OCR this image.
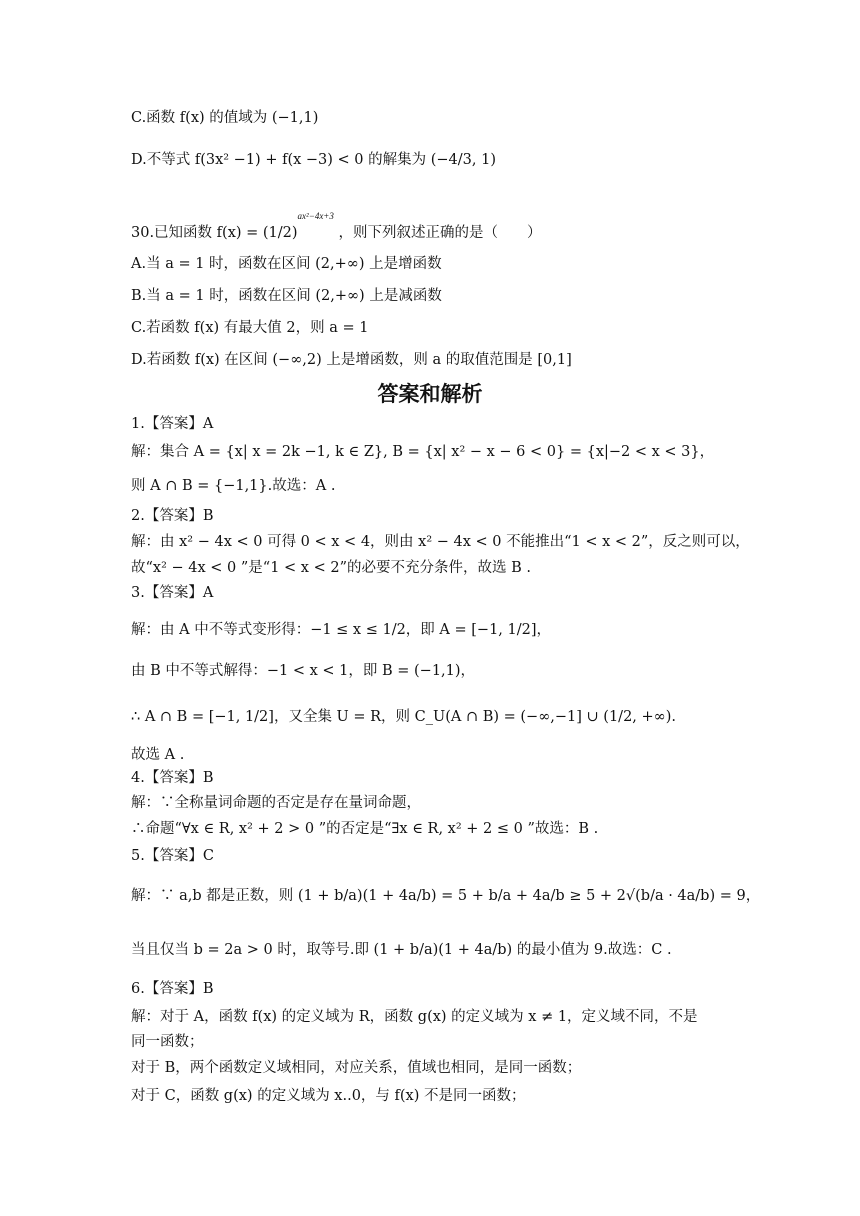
C.函数 f(x) 的值域为 (−1,1)
D.不等式 f(3x² −1) + f(x −3) < 0 的解集为 (−4/3, 1)
30.已知函数 $f(x) = (1/2)^{ax^2-4x+3}$ ，则下列叙述正确的是（　　）
A.当 a = 1 时，函数在区间 (2,+∞) 上是增函数
B.当 a = 1 时，函数在区间 (2,+∞) 上是减函数
C.若函数 f(x) 有最大值 2，则 a = 1
D.若函数 f(x) 在区间 (−∞,2) 上是增函数，则 a 的取值范围是 [0,1]
答案和解析
1.【答案】A
解：集合 A = {x| x = 2k −1, k ∈ Z}, B = {x| x² − x − 6 < 0} = {x|−2 < x < 3}，
则 A ∩ B = {−1,1}.故选：A .
2.【答案】B
解：由 x² − 4x < 0 可得 0 < x < 4，则由 x² − 4x < 0 不能推出“1 < x < 2”，反之则可以，
故“x² − 4x < 0 ”是“1 < x < 2”的必要不充分条件，故选 B .
3.【答案】A
解：由 A 中不等式变形得：−1 ≤ x ≤ 1/2，即 A = [−1, 1/2]，
由 B 中不等式解得：−1 < x < 1，即 B = (−1,1)，
∴ A ∩ B = [−1, 1/2]，又全集 U = R，则 C_U(A ∩ B) = (−∞,−1] ∪ (1/2, +∞).
故选 A .
4.【答案】B
解：∵全称量词命题的否定是存在量词命题，
∴命题“∀x ∈ R, x² + 2 > 0 ”的否定是“∃x ∈ R, x² + 2 ≤ 0 ”故选：B .
5.【答案】C
解：∵ a,b 都是正数，则 (1 + b/a)(1 + 4a/b) = 5 + b/a + 4a/b ≥ 5 + 2√(b/a · 4a/b) = 9，
当且仅当 b = 2a > 0 时，取等号.即 (1 + b/a)(1 + 4a/b) 的最小值为 9.故选：C .
6.【答案】B
解：对于 A，函数 f(x) 的定义域为 R，函数 g(x) 的定义域为 x ≠ 1，定义域不同，不是
同一函数；
对于 B，两个函数定义域相同，对应关系，值域也相同，是同一函数；
对于 C，函数 g(x) 的定义域为 x..0，与 f(x) 不是同一函数；
